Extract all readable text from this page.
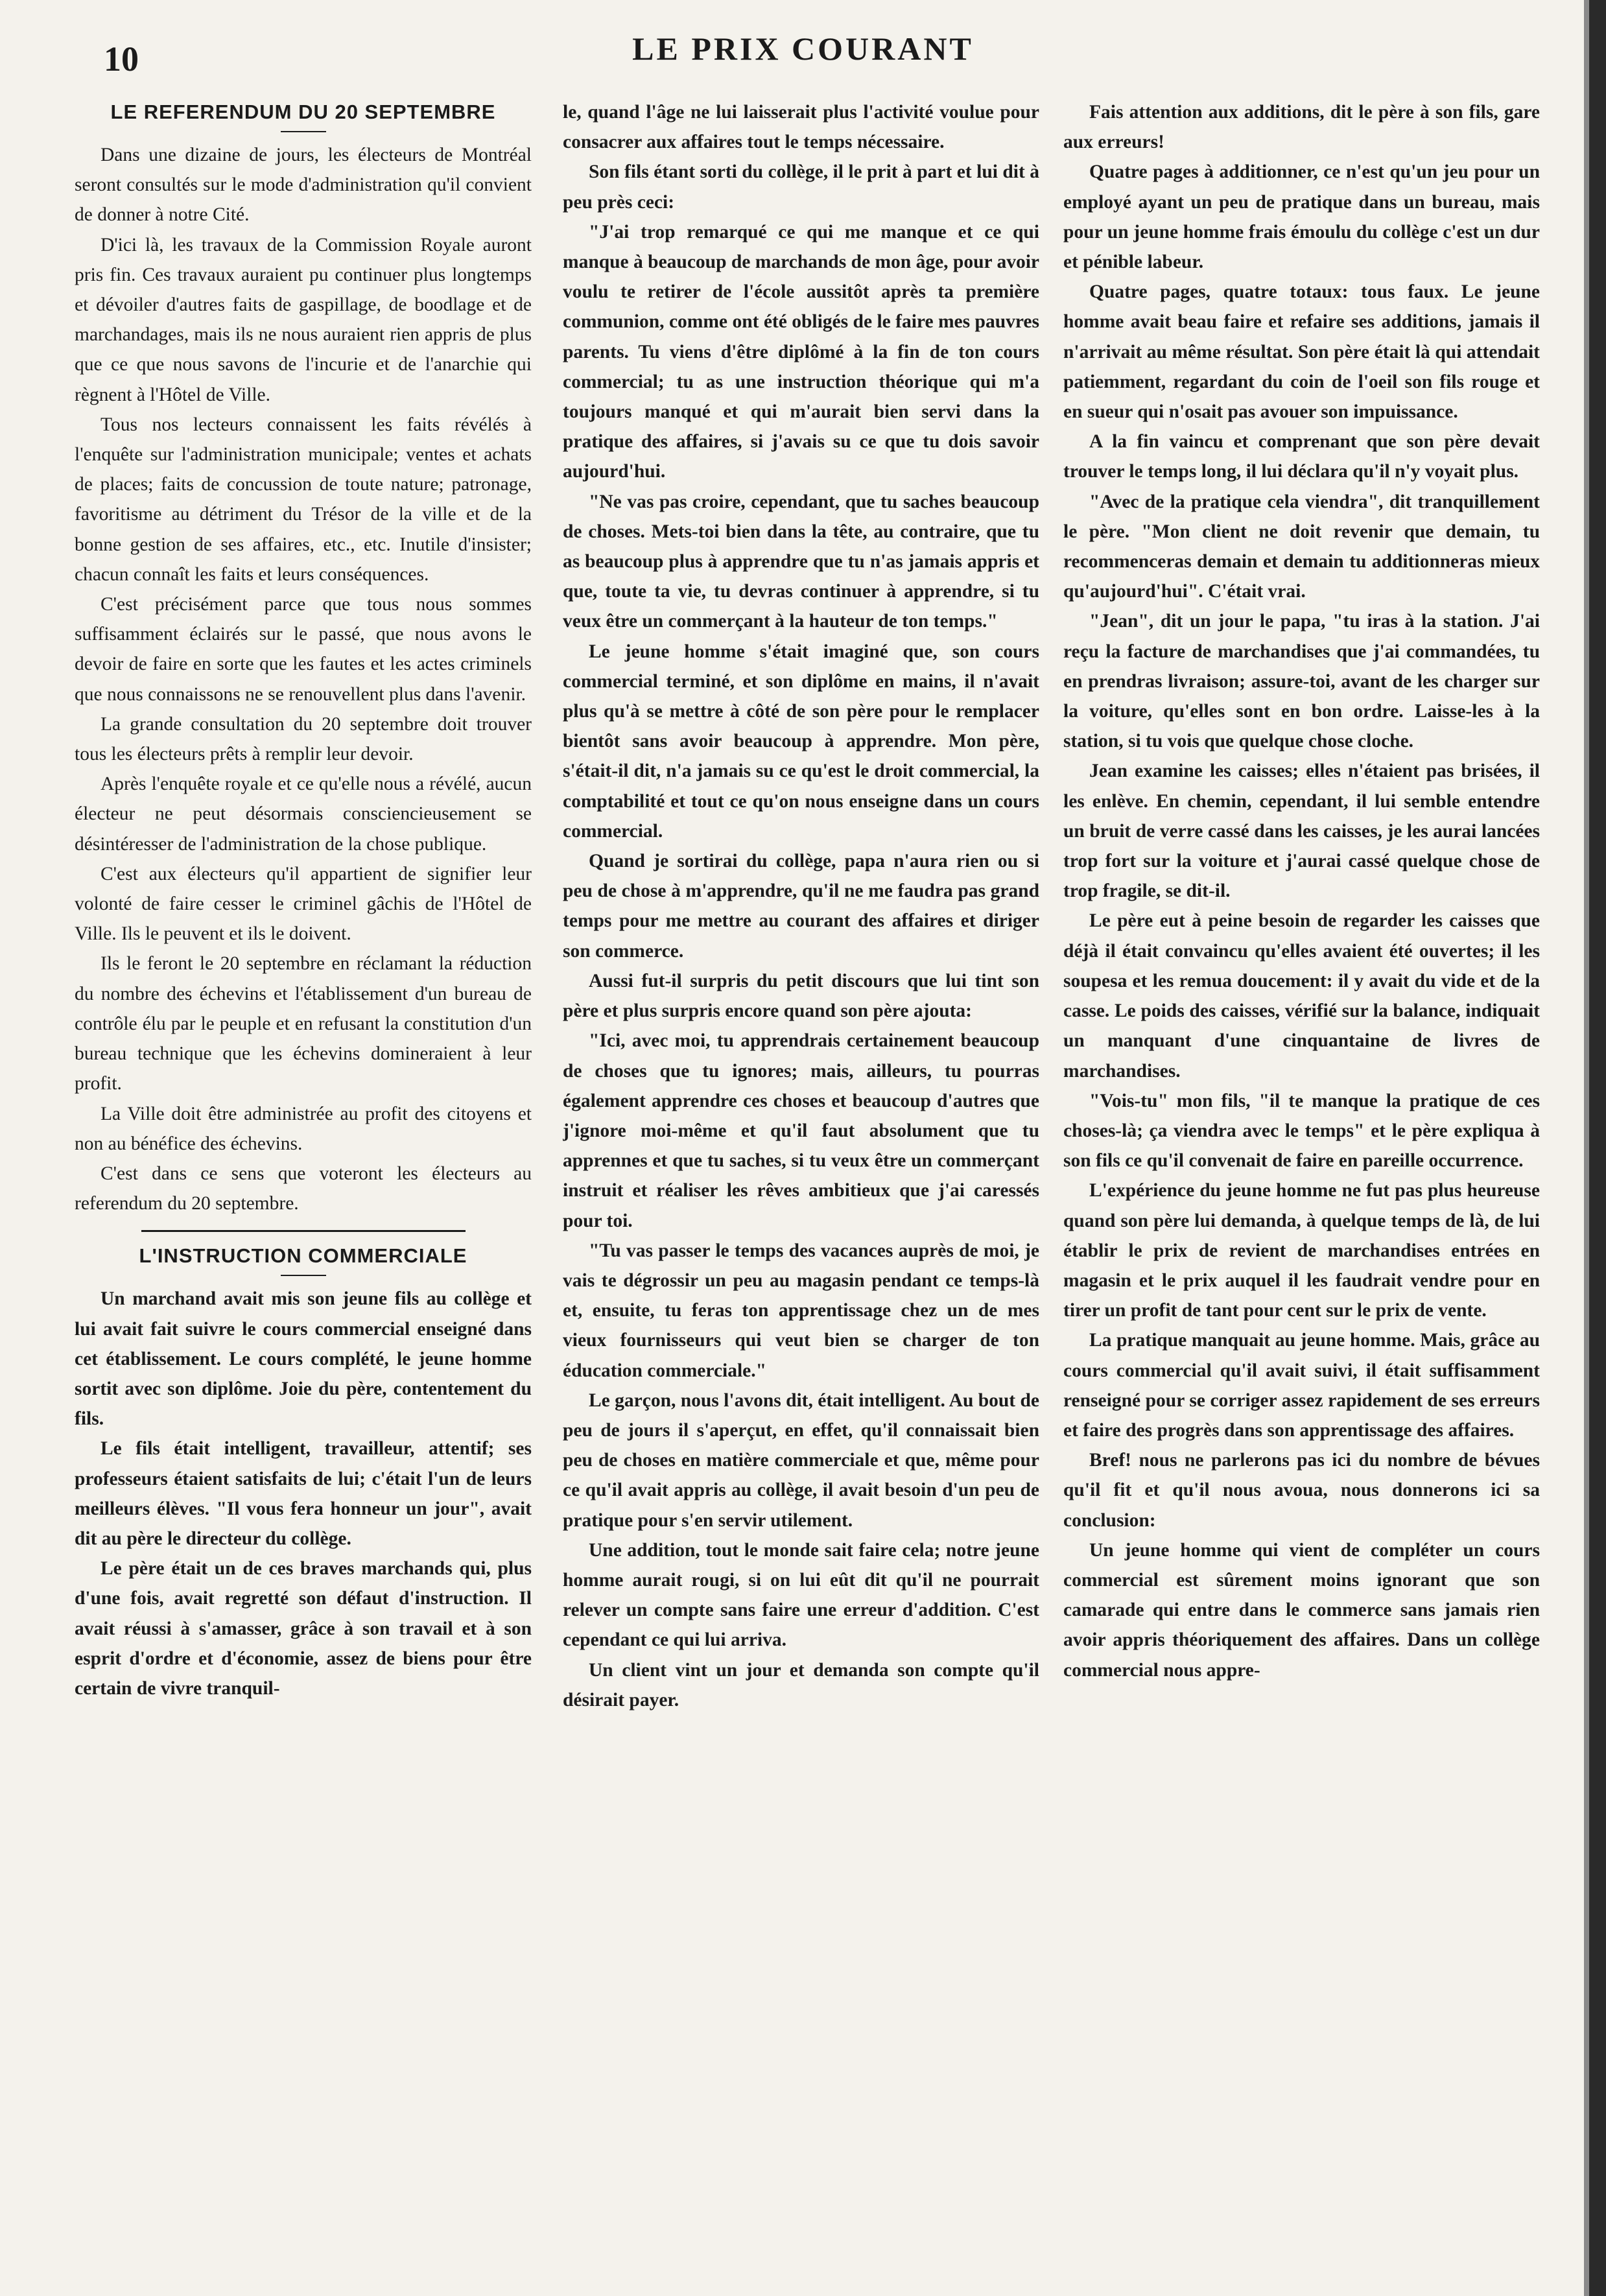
10	LE PRIX COURANT
LE REFERENDUM DU 20 SEPTEMBRE

Dans une dizaine de jours, les électeurs de Montréal seront consultés sur le mode d'administration qu'il convient de donner à notre Cité.

D'ici là, les travaux de la Commission Royale auront pris fin. Ces travaux auraient pu continuer plus longtemps et dévoiler d'autres faits de gaspillage, de boodlage et de marchandages, mais ils ne nous auraient rien appris de plus que ce que nous savons de l'incurie et de l'anarchie qui règnent à l'Hôtel de Ville.

Tous nos lecteurs connaissent les faits révélés à l'enquête sur l'administration municipale; ventes et achats de places; faits de concussion de toute nature; patronage, favoritisme au détriment du Trésor de la ville et de la bonne gestion de ses affaires, etc., etc. Inutile d'insister; chacun connaît les faits et leurs conséquences.

C'est précisément parce que tous nous sommes suffisamment éclairés sur le passé, que nous avons le devoir de faire en sorte que les fautes et les actes criminels que nous connaissons ne se renouvellent plus dans l'avenir.

La grande consultation du 20 septembre doit trouver tous les électeurs prêts à remplir leur devoir.

Après l'enquête royale et ce qu'elle nous a révélé, aucun électeur ne peut désormais consciencieusement se désintéresser de l'administration de la chose publique.

C'est aux électeurs qu'il appartient de signifier leur volonté de faire cesser le criminel gâchis de l'Hôtel de Ville. Ils le peuvent et ils le doivent.

Ils le feront le 20 septembre en réclamant la réduction du nombre des échevins et l'établissement d'un bureau de contrôle élu par le peuple et en refusant la constitution d'un bureau technique que les échevins domineraient à leur profit.

La Ville doit être administrée au profit des citoyens et non au bénéfice des échevins.

C'est dans ce sens que voteront les électeurs au referendum du 20 septembre.

L'INSTRUCTION COMMERCIALE

Un marchand avait mis son jeune fils au collège et lui avait fait suivre le cours commercial enseigné dans cet établissement. Le cours complété, le jeune homme sortit avec son diplôme. Joie du père, contentement du fils.

Le fils était intelligent, travailleur, attentif; ses professeurs étaient satisfaits de lui; c'était l'un de leurs meilleurs élèves. "Il vous fera honneur un jour", avait dit au père le directeur du collège.

Le père était un de ces braves marchands qui, plus d'une fois, avait regretté son défaut d'instruction. Il avait réussi à s'amasser, grâce à son travail et à son esprit d'ordre et d'économie, assez de biens pour être certain de vivre tranquil-

le, quand l'âge ne lui laisserait plus l'activité voulue pour consacrer aux affaires tout le temps nécessaire.

Son fils étant sorti du collège, il le prit à part et lui dit à peu près ceci:

"J'ai trop remarqué ce qui me manque et ce qui manque à beaucoup de marchands de mon âge, pour avoir voulu te retirer de l'école aussitôt après ta première communion, comme ont été obligés de le faire mes pauvres parents. Tu viens d'être diplômé à la fin de ton cours commercial; tu as une instruction théorique qui m'a toujours manqué et qui m'aurait bien servi dans la pratique des affaires, si j'avais su ce que tu dois savoir aujourd'hui.

"Ne vas pas croire, cependant, que tu saches beaucoup de choses. Mets-toi bien dans la tête, au contraire, que tu as beaucoup plus à apprendre que tu n'as jamais appris et que, toute ta vie, tu devras continuer à apprendre, si tu veux être un commerçant à la hauteur de ton temps."

Le jeune homme s'était imaginé que, son cours commercial terminé, et son diplôme en mains, il n'avait plus qu'à se mettre à côté de son père pour le remplacer bientôt sans avoir beaucoup à apprendre. Mon père, s'était-il dit, n'a jamais su ce qu'est le droit commercial, la comptabilité et tout ce qu'on nous enseigne dans un cours commercial.

Quand je sortirai du collège, papa n'aura rien ou si peu de chose à m'apprendre, qu'il ne me faudra pas grand temps pour me mettre au courant des affaires et diriger son commerce.

Aussi fut-il surpris du petit discours que lui tint son père et plus surpris encore quand son père ajouta:

"Ici, avec moi, tu apprendrais certainement beaucoup de choses que tu ignores; mais, ailleurs, tu pourras également apprendre ces choses et beaucoup d'autres que j'ignore moi-même et qu'il faut absolument que tu apprennes et que tu saches, si tu veux être un commerçant instruit et réaliser les rêves ambitieux que j'ai caressés pour toi.

"Tu vas passer le temps des vacances auprès de moi, je vais te dégrossir un peu au magasin pendant ce temps-là et, ensuite, tu feras ton apprentissage chez un de mes vieux fournisseurs qui veut bien se charger de ton éducation commerciale."

Le garçon, nous l'avons dit, était intelligent. Au bout de peu de jours il s'aperçut, en effet, qu'il connaissait bien peu de choses en matière commerciale et que, même pour ce qu'il avait appris au collège, il avait besoin d'un peu de pratique pour s'en servir utilement.

Une addition, tout le monde sait faire cela; notre jeune homme aurait rougi, si on lui eût dit qu'il ne pourrait relever un compte sans faire une erreur d'addition. C'est cependant ce qui lui arriva.

Un client vint un jour et demanda son compte qu'il désirait payer.

Fais attention aux additions, dit le père à son fils, gare aux erreurs!

Quatre pages à additionner, ce n'est qu'un jeu pour un employé ayant un peu de pratique dans un bureau, mais pour un jeune homme frais émoulu du collège c'est un dur et pénible labeur.

Quatre pages, quatre totaux: tous faux. Le jeune homme avait beau faire et refaire ses additions, jamais il n'arrivait au même résultat. Son père était là qui attendait patiemment, regardant du coin de l'oeil son fils rouge et en sueur qui n'osait pas avouer son impuissance.

A la fin vaincu et comprenant que son père devait trouver le temps long, il lui déclara qu'il n'y voyait plus.

"Avec de la pratique cela viendra", dit tranquillement le père. "Mon client ne doit revenir que demain, tu recommenceras demain et demain tu additionneras mieux qu'aujourd'hui". C'était vrai.

"Jean", dit un jour le papa, "tu iras à la station. J'ai reçu la facture de marchandises que j'ai commandées, tu en prendras livraison; assure-toi, avant de les charger sur la voiture, qu'elles sont en bon ordre. Laisse-les à la station, si tu vois que quelque chose cloche.

Jean examine les caisses; elles n'étaient pas brisées, il les enlève. En chemin, cependant, il lui semble entendre un bruit de verre cassé dans les caisses, je les aurai lancées trop fort sur la voiture et j'aurai cassé quelque chose de trop fragile, se dit-il.

Le père eut à peine besoin de regarder les caisses que déjà il était convaincu qu'elles avaient été ouvertes; il les soupesa et les remua doucement: il y avait du vide et de la casse. Le poids des caisses, vérifié sur la balance, indiquait un manquant d'une cinquantaine de livres de marchandises.

"Vois-tu" mon fils, "il te manque la pratique de ces choses-là; ça viendra avec le temps" et le père expliqua à son fils ce qu'il convenait de faire en pareille occurrence.

L'expérience du jeune homme ne fut pas plus heureuse quand son père lui demanda, à quelque temps de là, de lui établir le prix de revient de marchandises entrées en magasin et le prix auquel il les faudrait vendre pour en tirer un profit de tant pour cent sur le prix de vente.

La pratique manquait au jeune homme. Mais, grâce au cours commercial qu'il avait suivi, il était suffisamment renseigné pour se corriger assez rapidement de ses erreurs et faire des progrès dans son apprentissage des affaires.

Bref! nous ne parlerons pas ici du nombre de bévues qu'il fit et qu'il nous avoua, nous donnerons ici sa conclusion:

Un jeune homme qui vient de compléter un cours commercial est sûrement moins ignorant que son camarade qui entre dans le commerce sans jamais rien avoir appris théoriquement des affaires. Dans un collège commercial nous appre-
